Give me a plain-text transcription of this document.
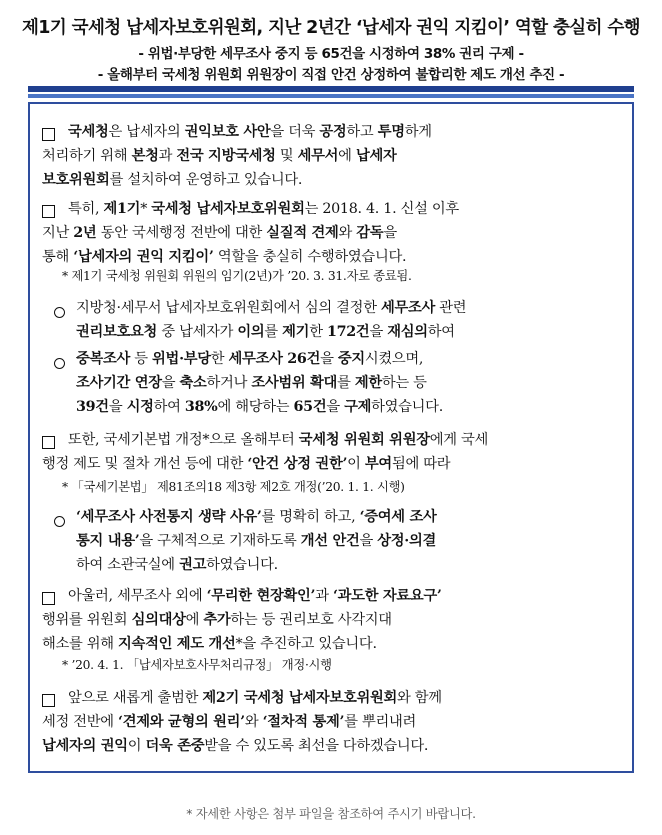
제1기 국세청 납세자보호위원회, 지난 2년간 ‘납세자 권익 지킴이’ 역할 충실히 수행
- 위법·부당한 세무조사 중지 등 65건을 시정하여 38% 권리 구제 -
- 올해부터 국세청 위원회 위원장이 직접 안건 상정하여 불합리한 제도 개선 추진 -
국세청은 납세자의 권익보호 사안을 더욱 공정하고 투명하게
처리하기 위해 본청과 전국 지방국세청 및 세무서에 납세자
보호위원회를 설치하여 운영하고 있습니다.
특히, 제1기* 국세청 납세자보호위원회는 2018. 4. 1. 신설 이후
지난 2년 동안 국세행정 전반에 대한 실질적 견제와 감독을
통해 ‘납세자의 권익 지킴이’ 역할을 충실히 수행하였습니다.
* 제1기 국세청 위원회 위원의 임기(2년)가 ’20. 3. 31.자로 종료됨.
지방청·세무서 납세자보호위원회에서 심의 결정한 세무조사 관련
권리보호요청 중 납세자가 이의를 제기한 172건을 재심의하여
중복조사 등 위법·부당한 세무조사 26건을 중지시켰으며,
조사기간 연장을 축소하거나 조사범위 확대를 제한하는 등
39건을 시정하여 38%에 해당하는 65건을 구제하였습니다.
또한, 국세기본법 개정*으로 올해부터 국세청 위원회 위원장에게 국세
행정 제도 및 절차 개선 등에 대한 ‘안건 상정 권한’이 부여됨에 따라
* 「국세기본법」 제81조의18 제3항 제2호 개정(’20. 1. 1. 시행)
‘세무조사 사전통지 생략 사유’를 명확히 하고, ‘증여세 조사
통지 내용’을 구체적으로 기재하도록 개선 안건을 상정·의결
하여 소관국실에 권고하였습니다.
아울러, 세무조사 외에 ‘무리한 현장확인’과 ‘과도한 자료요구’
행위를 위원회 심의대상에 추가하는 등 권리보호 사각지대
해소를 위해 지속적인 제도 개선*을 추진하고 있습니다.
* ’20. 4. 1. 「납세자보호사무처리규정」 개정·시행
앞으로 새롭게 출범한 제2기 국세청 납세자보호위원회와 함께
세정 전반에 ‘견제와 균형의 원리’와 ‘절차적 통제’를 뿌리내려
납세자의 권익이 더욱 존중받을 수 있도록 최선을 다하겠습니다.
* 자세한 사항은 첨부 파일을 참조하여 주시기 바랍니다.
